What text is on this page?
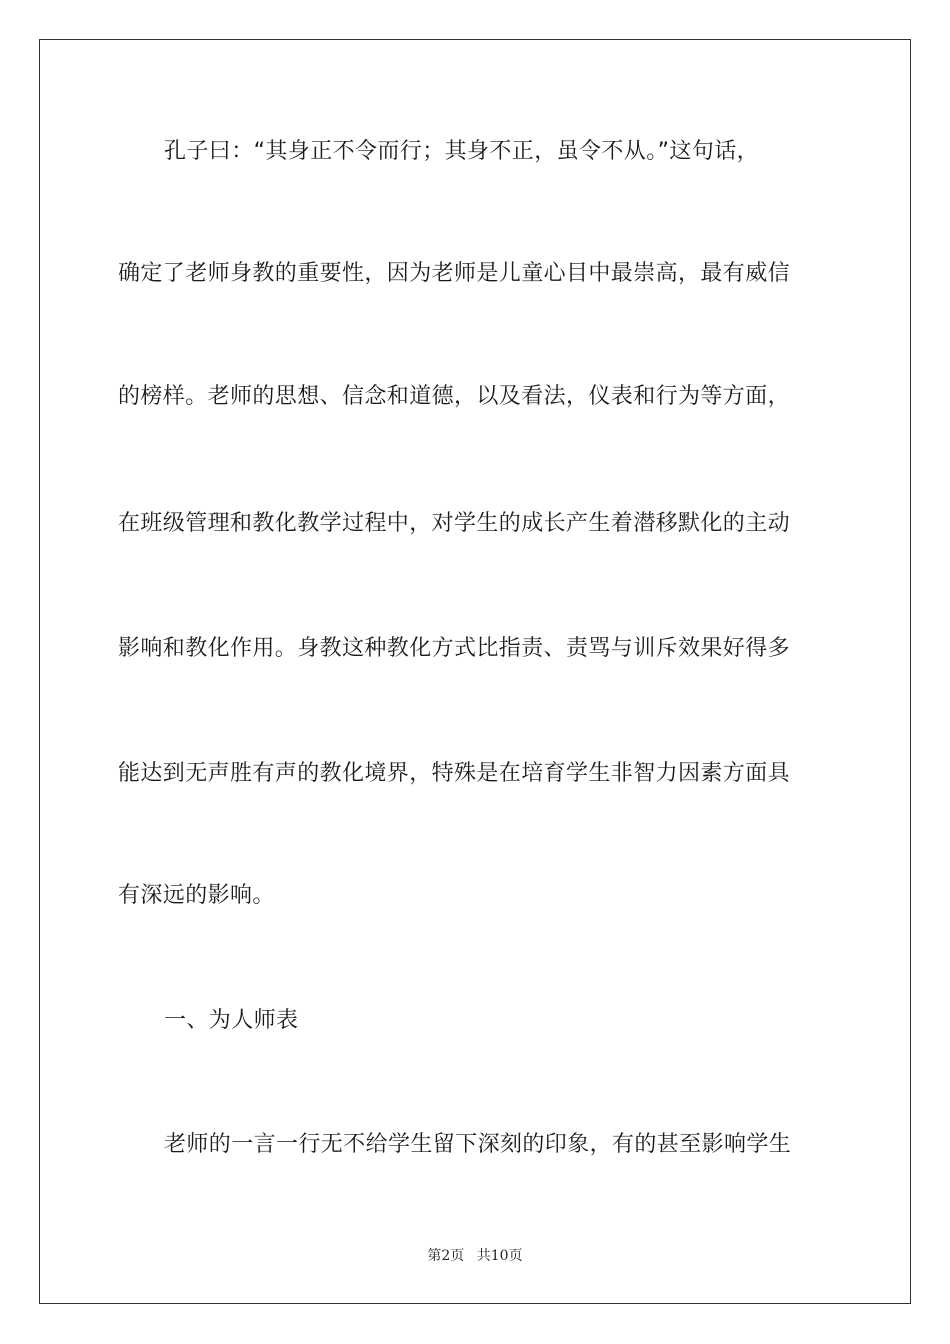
孔子曰：“其身正不令而行；其身不正，虽令不从。”这句话，
确定了老师身教的重要性，因为老师是儿童心目中最崇高，最有威信
的榜样。老师的思想、信念和道德，以及看法，仪表和行为等方面，
在班级管理和教化教学过程中，对学生的成长产生着潜移默化的主动
影响和教化作用。身教这种教化方式比指责、责骂与训斥效果好得多
能达到无声胜有声的教化境界，特殊是在培育学生非智力因素方面具
有深远的影响。
一、为人师表
老师的一言一行无不给学生留下深刻的印象，有的甚至影响学生
第2页 共10页
